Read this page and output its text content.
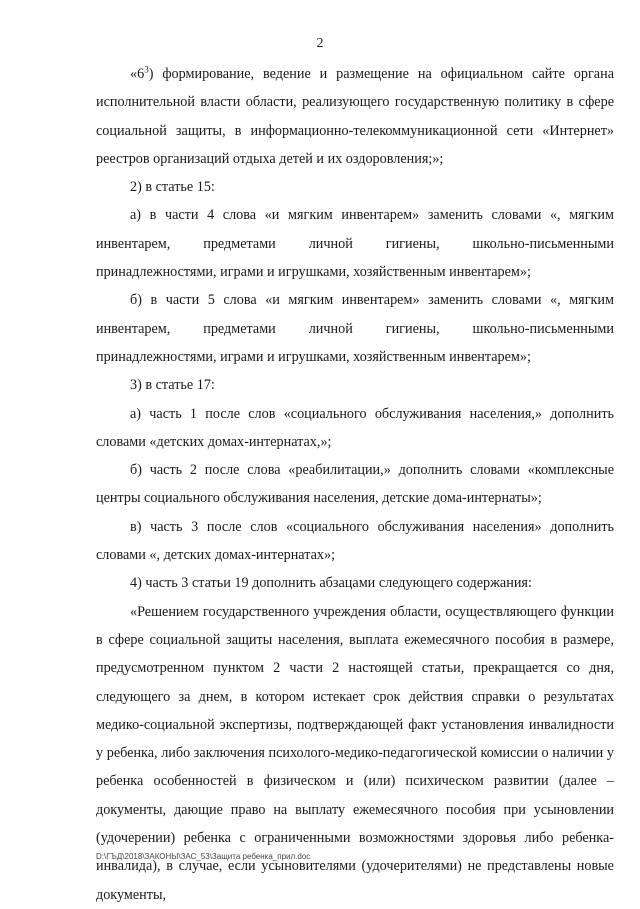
2

«$6^3$) формирование, ведение и размещение на официальном сайте органа исполнительной власти области, реализующего государственную политику в сфере социальной защиты, в информационно-телекоммуникационной сети «Интернет» реестров организаций отдыха детей и их оздоровления;»;

2) в статье 15:

а) в части 4 слова «и мягким инвентарем» заменить словами «, мягким инвентарем, предметами личной гигиены, школьно-письменными принадлежностями, играми и игрушками, хозяйственным инвентарем»;

б) в части 5 слова «и мягким инвентарем» заменить словами «, мягким инвентарем, предметами личной гигиены, школьно-письменными принадлежностями, играми и игрушками, хозяйственным инвентарем»;

3) в статье 17:

а) часть 1 после слов «социального обслуживания населения,» дополнить словами «детских домах-интернатах,»;

б) часть 2 после слова «реабилитации,» дополнить словами «комплексные центры социального обслуживания населения, детские дома-интернаты»;

в) часть 3 после слов «социального обслуживания населения» дополнить словами «, детских домах-интернатах»;

4) часть 3 статьи 19 дополнить абзацами следующего содержания:

«Решением государственного учреждения области, осуществляющего функции в сфере социальной защиты населения, выплата ежемесячного пособия в размере, предусмотренном пунктом 2 части 2 настоящей статьи, прекращается со дня, следующего за днем, в котором истекает срок действия справки о результатах медико-социальной экспертизы, подтверждающей факт установления инвалидности у ребенка, либо заключения психолого-медико-педагогической комиссии о наличии у ребенка особенностей в физическом и (или) психическом развитии (далее – документы, дающие право на выплату ежемесячного пособия при усыновлении (удочерении) ребенка с ограниченными возможностями здоровья либо ребенка-инвалида), в случае, если усыновителями (удочерителями) не представлены новые документы,

D:\ГЪД\2018\ЗАКОНЫ\ЗАС_53\Защита ребенка_прил.doc
